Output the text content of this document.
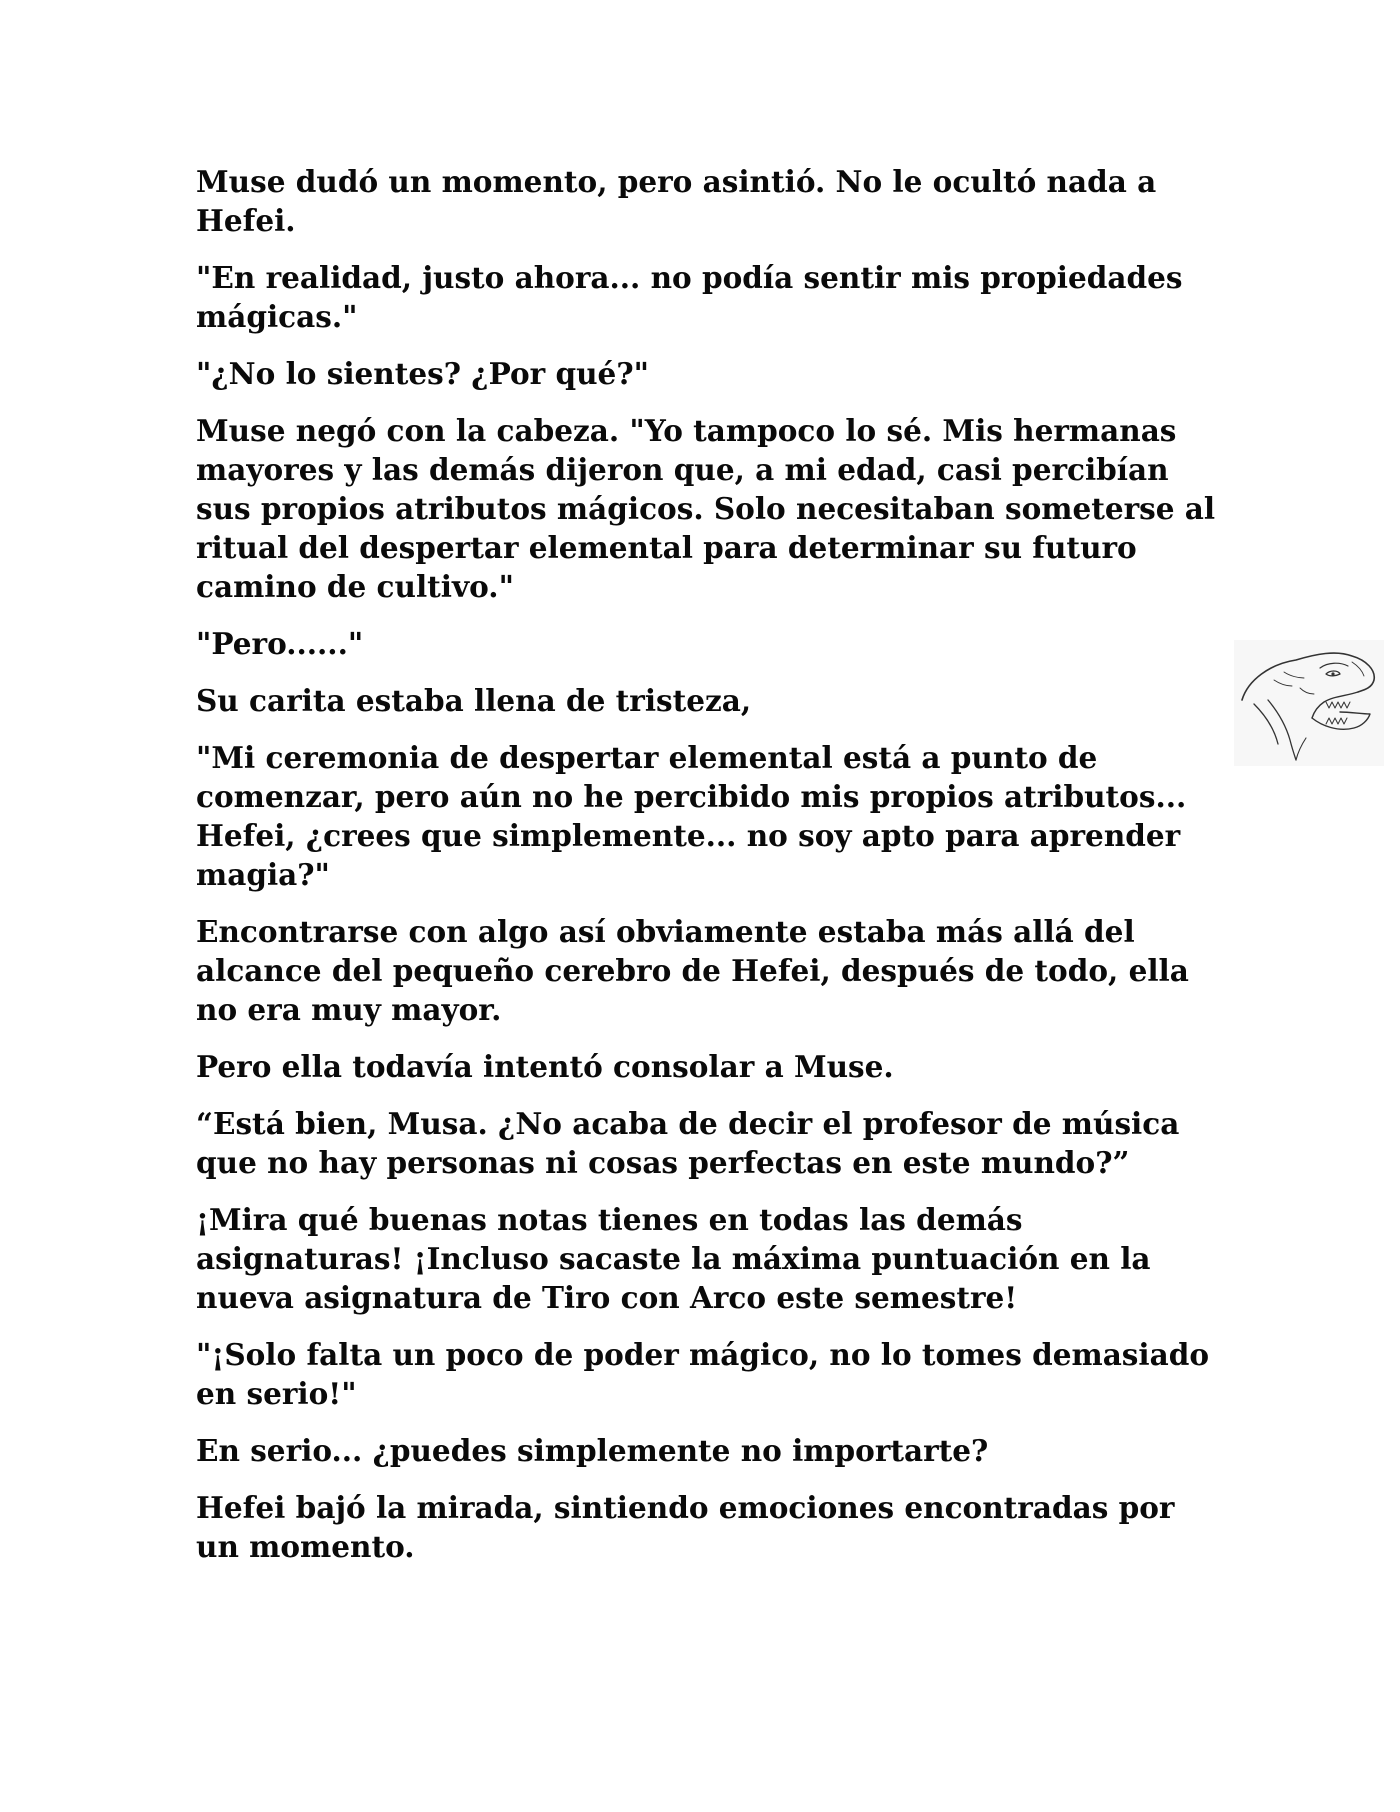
Muse dudó un momento, pero asintió. No le ocultó nada a Hefei.

"En realidad, justo ahora... no podía sentir mis propiedades mágicas."

"¿No lo sientes? ¿Por qué?"

Muse negó con la cabeza. "Yo tampoco lo sé. Mis hermanas mayores y las demás dijeron que, a mi edad, casi percibían sus propios atributos mágicos. Solo necesitaban someterse al ritual del despertar elemental para determinar su futuro camino de cultivo."

"Pero......"

Su carita estaba llena de tristeza,

"Mi ceremonia de despertar elemental está a punto de comenzar, pero aún no he percibido mis propios atributos... Hefei, ¿crees que simplemente... no soy apto para aprender magia?"

Encontrarse con algo así obviamente estaba más allá del alcance del pequeño cerebro de Hefei, después de todo, ella no era muy mayor.

Pero ella todavía intentó consolar a Muse.

“Está bien, Musa. ¿No acaba de decir el profesor de música que no hay personas ni cosas perfectas en este mundo?”

¡Mira qué buenas notas tienes en todas las demás asignaturas! ¡Incluso sacaste la máxima puntuación en la nueva asignatura de Tiro con Arco este semestre!

"¡Solo falta un poco de poder mágico, no lo tomes demasiado en serio!"

En serio... ¿puedes simplemente no importarte?

Hefei bajó la mirada, sintiendo emociones encontradas por un momento.
